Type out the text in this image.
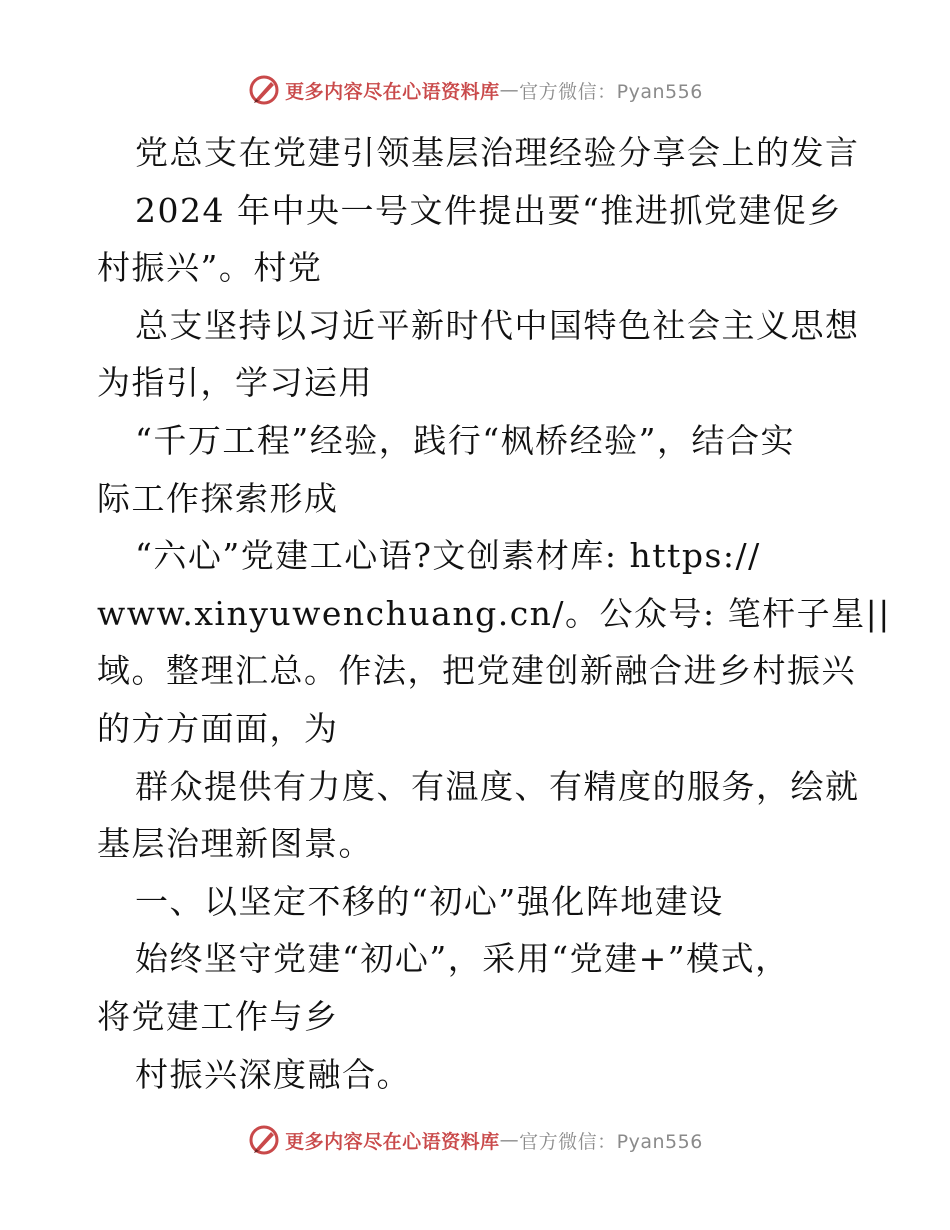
更多内容尽在心语资料库 — 官方微信：Pyan556
党总支在党建引领基层治理经验分享会上的发言
2024 年中央一号文件提出要“推进抓党建促乡
村振兴”。村党
总支坚持以习近平新时代中国特色社会主义思想
为指引，学习运用
“千万工程”经验，践行“枫桥经验”，结合实
际工作探索形成
“六心”党建工心语?文创素材库: https://
www.xinyuwenchuang.cn/。公众号: 笔杆子星||
域。整理汇总。作法，把党建创新融合进乡村振兴
的方方面面，为
群众提供有力度、有温度、有精度的服务，绘就
基层治理新图景。
一、以坚定不移的“初心”强化阵地建设
始终坚守党建“初心”，采用“党建+”模式，
将党建工作与乡
村振兴深度融合。
更多内容尽在心语资料库 — 官方微信：Pyan556
